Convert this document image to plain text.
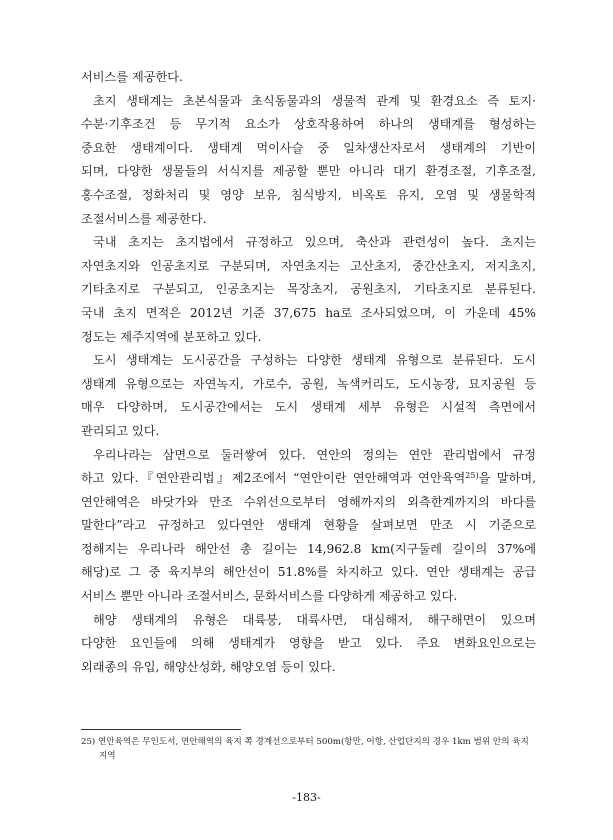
서비스를 제공한다.
초지 생태계는 초본식물과 초식동물과의 생물적 관계 및 환경요소 즉 토지·
수분·기후조건 등 무기적 요소가 상호작용하여 하나의 생태계를 형성하는
중요한 생태계이다. 생태계 먹이사슬 중 일차생산자로서 생태계의 기반이
되며, 다양한 생물들의 서식지를 제공할 뿐만 아니라 대기 환경조절, 기후조절,
홍수조절, 정화처리 및 영양 보유, 침식방지, 비옥토 유지, 오염 및 생물학적
조절서비스를 제공한다.
국내 초지는 초지법에서 규정하고 있으며, 축산과 관련성이 높다. 초지는
자연초지와 인공초지로 구분되며, 자연초지는 고산초지, 중간산초지, 저지초지,
기타초지로 구분되고, 인공초지는 목장초지, 공원초지, 기타초지로 분류된다.
국내 초지 면적은 2012년 기준 37,675 ha로 조사되었으며, 이 가운데 45%
정도는 제주지역에 분포하고 있다.
도시 생태계는 도시공간을 구성하는 다양한 생태계 유형으로 분류된다. 도시
생태계 유형으로는 자연녹지, 가로수, 공원, 녹색커리도, 도시농장, 묘지공원 등
매우 다양하며, 도시공간에서는 도시 생태계 세부 유형은 시설적 측면에서
관리되고 있다.
우리나라는 삼면으로 둘러쌓여 있다. 연안의 정의는 연안 관리법에서 규정
하고 있다.『연안관리법』제2조에서 “연안이란 연안해역과 연안육역$^{25)}$을 말하며,
연안해역은 바닷가와 만조 수위선으로부터 영해까지의 외측한계까지의 바다를
말한다”라고 규정하고 있다연안 생태계 현황을 살펴보면 만조 시 기준으로
정해지는 우리나라 해안선 총 길이는 14,962.8 km(지구둘레 길이의 37%에
해당)로 그 중 육지부의 해안선이 51.8%를 차지하고 있다. 연안 생태계는 공급
서비스 뿐만 아니라 조절서비스, 문화서비스를 다양하게 제공하고 있다.
해양 생태계의 유형은 대륙붕, 대륙사면, 대심해저, 해구해면이 있으며
다양한 요인들에 의해 생태계가 영향을 받고 있다. 주요 변화요인으로는
외래종의 유입, 해양산성화, 해양오염 등이 있다.
25) 연안육역은 무인도서, 연안해역의 육지 쪽 경계선으로부터 500m(항만, 어항, 산업단지의 경우 1km 범위 안의 육지
지역
-183-
